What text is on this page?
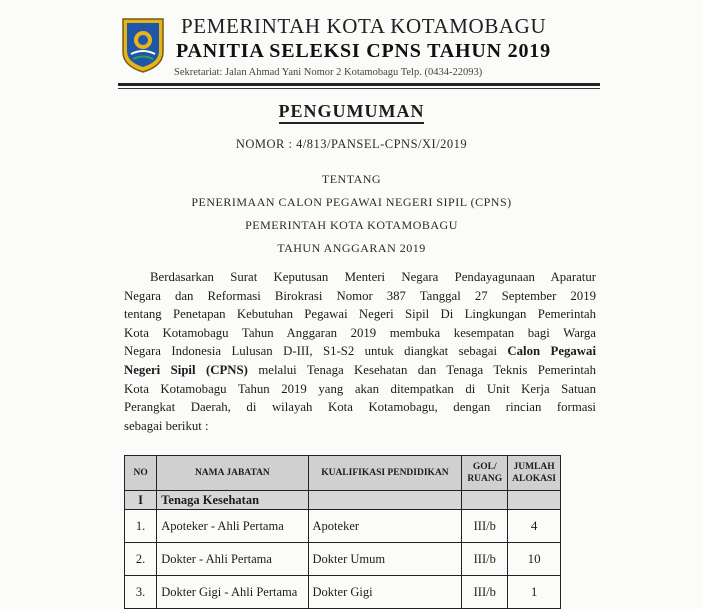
PEMERINTAH KOTA KOTAMOBAGU
PANITIA SELEKSI CPNS TAHUN 2019
Sekretariat: Jalan Ahmad Yani Nomor 2 Kotamobagu Telp. (0434-22093)
PENGUMUMAN
NOMOR : 4/813/PANSEL-CPNS/XI/2019
TENTANG
PENERIMAAN CALON PEGAWAI NEGERI SIPIL (CPNS)
PEMERINTAH KOTA KOTAMOBAGU
TAHUN ANGGARAN 2019
Berdasarkan Surat Keputusan Menteri Negara Pendayagunaan Aparatur
Negara dan Reformasi Birokrasi Nomor 387 Tanggal 27 September 2019
tentang Penetapan Kebutuhan Pegawai Negeri Sipil Di Lingkungan Pemerintah
Kota Kotamobagu Tahun Anggaran 2019 membuka kesempatan bagi Warga
Negara Indonesia Lulusan D-III, S1-S2 untuk diangkat sebagai Calon Pegawai
Negeri Sipil (CPNS) melalui Tenaga Kesehatan dan Tenaga Teknis Pemerintah
Kota Kotamobagu Tahun 2019 yang akan ditempatkan di Unit Kerja Satuan
Perangkat Daerah, di wilayah Kota Kotamobagu, dengan rincian formasi
sebagai berikut :
NO	NAMA JABATAN	KUALIFIKASI PENDIDIKAN	GOL/
RUANG	JUMLAH
ALOKASI
I	Tenaga Kesehatan			
1.	Apoteker - Ahli Pertama	Apoteker	III/b	4
2.	Dokter - Ahli Pertama	Dokter Umum	III/b	10
3.	Dokter Gigi - Ahli Pertama	Dokter Gigi	III/b	1
